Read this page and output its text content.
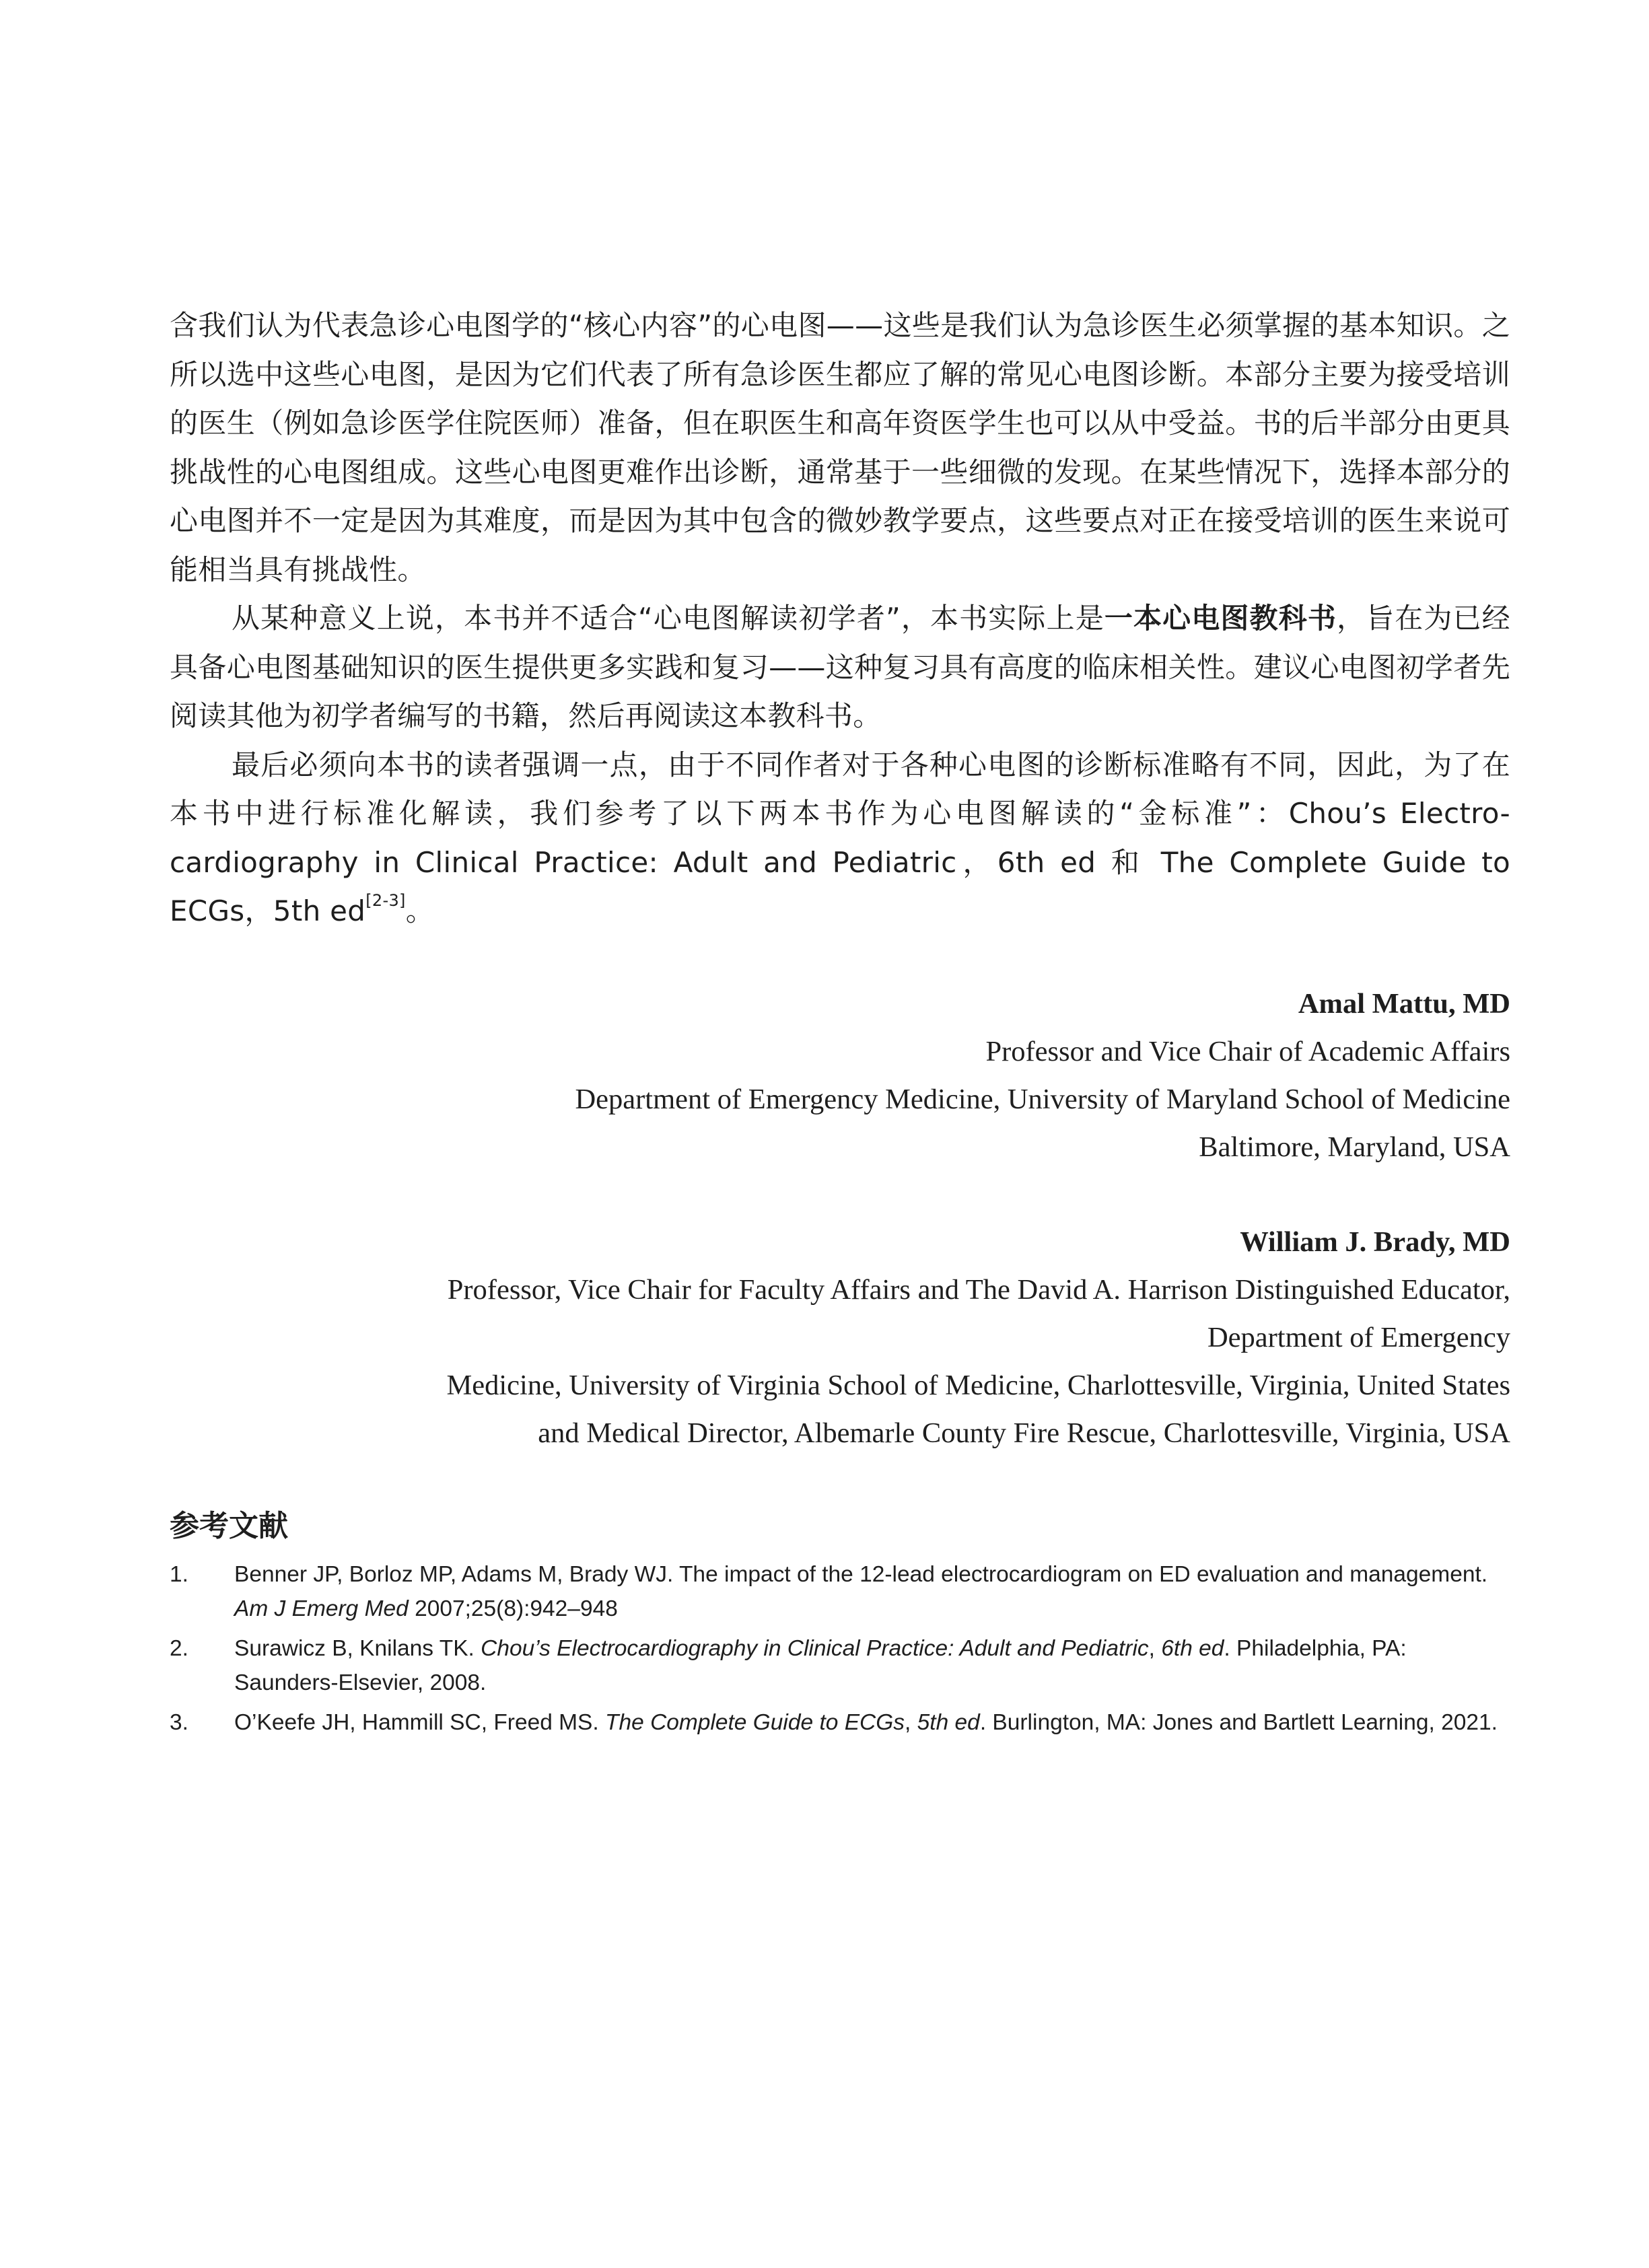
含我们认为代表急诊心电图学的“核心内容”的心电图——这些是我们认为急诊医生必须掌握的基本知识。之所以选中这些心电图，是因为它们代表了所有急诊医生都应了解的常见心电图诊断。本部分主要为接受培训的医生（例如急诊医学住院医师）准备，但在职医生和高年资医学生也可以从中受益。书的后半部分由更具挑战性的心电图组成。这些心电图更难作出诊断，通常基于一些细微的发现。在某些情况下，选择本部分的心电图并不一定是因为其难度，而是因为其中包含的微妙教学要点，这些要点对正在接受培训的医生来说可能相当具有挑战性。

从某种意义上说，本书并不适合“心电图解读初学者”，本书实际上是一本心电图教科书，旨在为已经具备心电图基础知识的医生提供更多实践和复习——这种复习具有高度的临床相关性。建议心电图初学者先阅读其他为初学者编写的书籍，然后再阅读这本教科书。

最后必须向本书的读者强调一点，由于不同作者对于各种心电图的诊断标准略有不同，因此，为了在本书中进行标准化解读，我们参考了以下两本书作为心电图解读的“金标准”：Chou’s Electro-cardiography in Clinical Practice: Adult and Pediatric，6th ed 和 The Complete Guide to ECGs，5th ed[2-3]。

Amal Mattu, MD
Professor and Vice Chair of Academic Affairs
Department of Emergency Medicine, University of Maryland School of Medicine
Baltimore, Maryland, USA
William J. Brady, MD
Professor, Vice Chair for Faculty Affairs and The David A. Harrison Distinguished Educator,
Department of Emergency
Medicine, University of Virginia School of Medicine, Charlottesville, Virginia, United States
and Medical Director, Albemarle County Fire Rescue, Charlottesville, Virginia, USA
参考文献
1. Benner JP, Borloz MP, Adams M, Brady WJ. The impact of the 12-lead electrocardiogram on ED evaluation and management. Am J Emerg Med 2007;25(8):942–948
2. Surawicz B, Knilans TK. Chou’s Electrocardiography in Clinical Practice: Adult and Pediatric, 6th ed. Philadelphia, PA: Saunders-Elsevier, 2008.
3. O’Keefe JH, Hammill SC, Freed MS. The Complete Guide to ECGs, 5th ed. Burlington, MA: Jones and Bartlett Learning, 2021.
